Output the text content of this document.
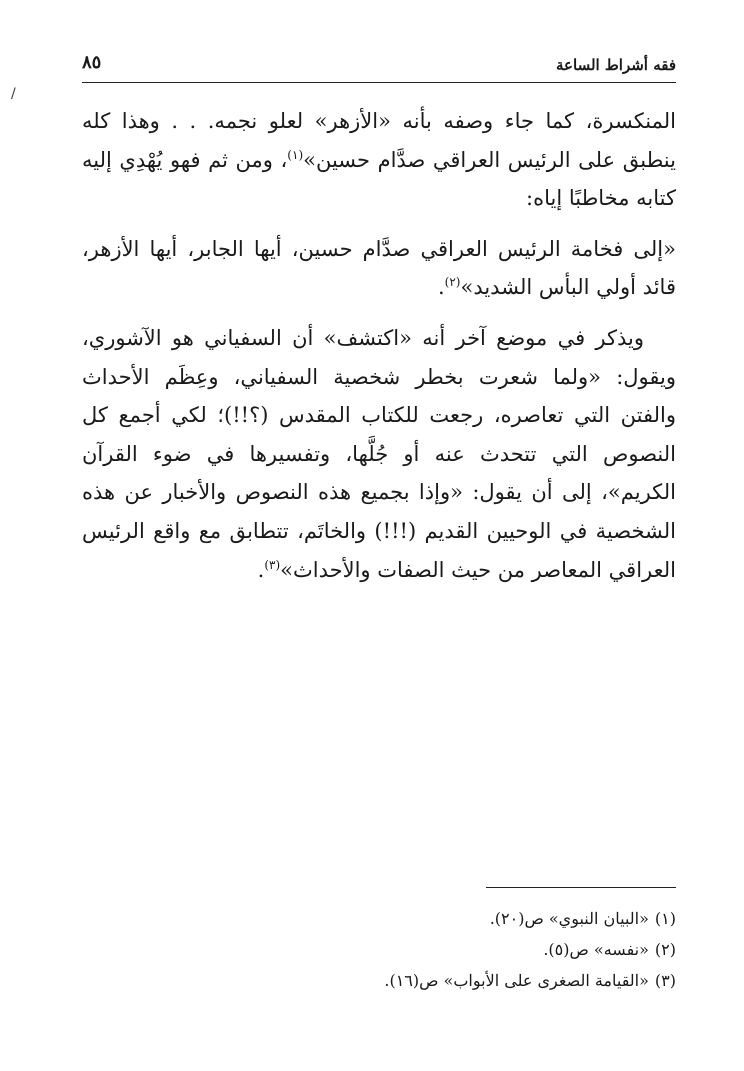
فقه أشراط الساعة
٨٥
/

المنكسرة، كما جاء وصفه بأنه «الأزهر» لعلو نجمه. . . وهذا كله ينطبق على الرئيس العراقي صدَّام حسين»$^{(١)}$، ومن ثم فهو يُهْدِي إليه كتابه مخاطبًا إياه:

«إلى فخامة الرئيس العراقي صدَّام حسين، أيها الجابر، أيها الأزهر، قائد أولي البأس الشديد»$^{(٢)}$.

ويذكر في موضع آخر أنه «اكتشف» أن السفياني هو الآشوري، ويقول: «ولما شعرت بخطر شخصية السفياني، وعِظَم الأحداث والفتن التي تعاصره، رجعت للكتاب المقدس (؟!!)؛ لكي أجمع كل النصوص التي تتحدث عنه أو جُلَّها، وتفسيرها في ضوء القرآن الكريم»، إلى أن يقول: «وإذا بجميع هذه النصوص والأخبار عن هذه الشخصية في الوحيين القديم (!!!) والخاتَم، تتطابق مع واقع الرئيس العراقي المعاصر من حيث الصفات والأحداث»$^{(٣)}$.

(١)«البيان النبوي» ص(٢٠).

(٢)«نفسه» ص(٥).

(٣)«القيامة الصغرى على الأبواب» ص(١٦).
